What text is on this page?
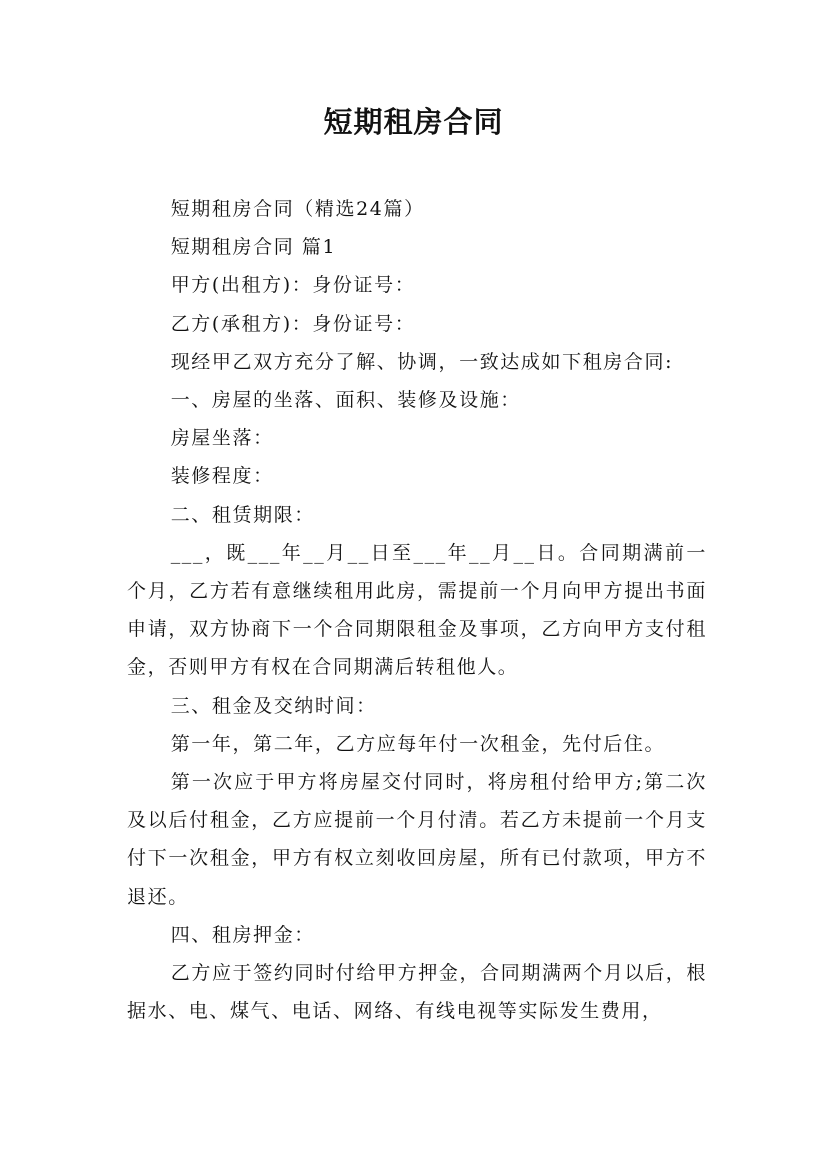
短期租房合同

短期租房合同（精选24篇）

短期租房合同 篇1

甲方(出租方)：身份证号：

乙方(承租方)：身份证号：

现经甲乙双方充分了解、协调，一致达成如下租房合同:

一、房屋的坐落、面积、装修及设施：

房屋坐落：

装修程度：

二、租赁期限：

___，既___年__月__日至___年__月__日。合同期满前一个月，乙方若有意继续租用此房，需提前一个月向甲方提出书面申请，双方协商下一个合同期限租金及事项，乙方向甲方支付租金，否则甲方有权在合同期满后转租他人。

三、租金及交纳时间：

第一年，第二年，乙方应每年付一次租金，先付后住。

第一次应于甲方将房屋交付同时，将房租付给甲方;第二次及以后付租金，乙方应提前一个月付清。若乙方未提前一个月支付下一次租金，甲方有权立刻收回房屋，所有已付款项，甲方不退还。

四、租房押金：

乙方应于签约同时付给甲方押金，合同期满两个月以后，根据水、电、煤气、电话、网络、有线电视等实际发生费用，
